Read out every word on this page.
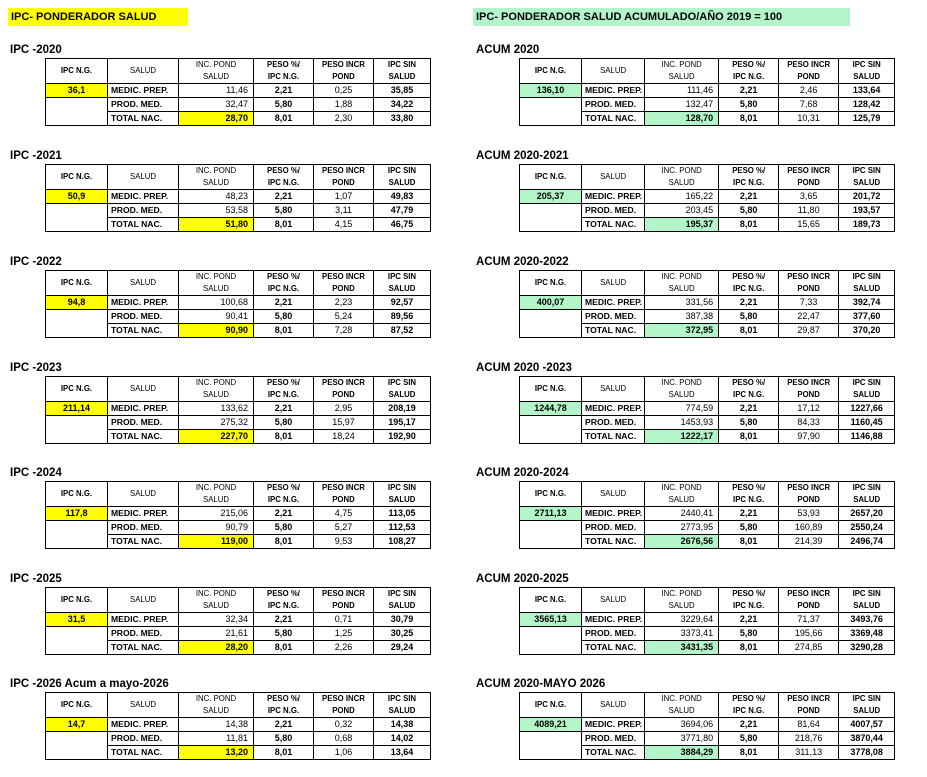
IPC- PONDERADOR SALUD	IPC- PONDERADOR SALUD ACUMULADO/AÑO 2019 = 100
IPC -2020
IPC N.G.	SALUD	INC. POND	PESO %/	PESO INCR	IPC SIN
		SALUD	IPC N.G.	POND	SALUD
36,1	MEDIC. PREP.	11,46	2,21	0,25	35,85
	PROD. MED.	32,47	5,80	1,88	34,22
	TOTAL NAC.	28,70	8,01	2,30	33,80
IPC -2021
IPC N.G.	SALUD	INC. POND	PESO %/	PESO INCR	IPC SIN
		SALUD	IPC N.G.	POND	SALUD
50,9	MEDIC. PREP.	48,23	2,21	1,07	49,83
	PROD. MED.	53,58	5,80	3,11	47,79
	TOTAL NAC.	51,80	8,01	4,15	46,75
IPC -2022
IPC N.G.	SALUD	INC. POND	PESO %/	PESO INCR	IPC SIN
		SALUD	IPC N.G.	POND	SALUD
94,8	MEDIC. PREP.	100,68	2,21	2,23	92,57
	PROD. MED.	90,41	5,80	5,24	89,56
	TOTAL NAC.	90,90	8,01	7,28	87,52
IPC -2023
IPC N.G.	SALUD	INC. POND	PESO %/	PESO INCR	IPC SIN
		SALUD	IPC N.G.	POND	SALUD
211,14	MEDIC. PREP.	133,62	2,21	2,95	208,19
	PROD. MED.	275,32	5,80	15,97	195,17
	TOTAL NAC.	227,70	8,01	18,24	192,90
IPC -2024
IPC N.G.	SALUD	INC. POND	PESO %/	PESO INCR	IPC SIN
		SALUD	IPC N.G.	POND	SALUD
117,8	MEDIC. PREP.	215,06	2,21	4,75	113,05
	PROD. MED.	90,79	5,80	5,27	112,53
	TOTAL NAC.	119,00	8,01	9,53	108,27
IPC -2025
IPC N.G.	SALUD	INC. POND	PESO %/	PESO INCR	IPC SIN
		SALUD	IPC N.G.	POND	SALUD
31,5	MEDIC. PREP.	32,34	2,21	0,71	30,79
	PROD. MED.	21,61	5,80	1,25	30,25
	TOTAL NAC.	28,20	8,01	2,26	29,24
IPC -2026 Acum a mayo-2026
IPC N.G.	SALUD	INC. POND	PESO %/	PESO INCR	IPC SIN
		SALUD	IPC N.G.	POND	SALUD
14,7	MEDIC. PREP.	14,38	2,21	0,32	14,38
	PROD. MED.	11,81	5,80	0,68	14,02
	TOTAL NAC.	13,20	8,01	1,06	13,64
ACUM 2020
IPC N.G.	SALUD	INC. POND	PESO %/	PESO INCR	IPC SIN
		SALUD	IPC N.G.	POND	SALUD
136,10	MEDIC. PREP.	111,46	2,21	2,46	133,64
	PROD. MED.	132,47	5,80	7,68	128,42
	TOTAL NAC.	128,70	8,01	10,31	125,79
ACUM 2020-2021
IPC N.G.	SALUD	INC. POND	PESO %/	PESO INCR	IPC SIN
		SALUD	IPC N.G.	POND	SALUD
205,37	MEDIC. PREP.	165,22	2,21	3,65	201,72
	PROD. MED.	203,45	5,80	11,80	193,57
	TOTAL NAC.	195,37	8,01	15,65	189,73
ACUM 2020-2022
IPC N.G.	SALUD	INC. POND	PESO %/	PESO INCR	IPC SIN
		SALUD	IPC N.G.	POND	SALUD
400,07	MEDIC. PREP.	331,56	2,21	7,33	392,74
	PROD. MED.	387,38	5,80	22,47	377,60
	TOTAL NAC.	372,95	8,01	29,87	370,20
ACUM 2020 -2023
IPC N.G.	SALUD	INC. POND	PESO %/	PESO INCR	IPC SIN
		SALUD	IPC N.G.	POND	SALUD
1244,78	MEDIC. PREP.	774,59	2,21	17,12	1227,66
	PROD. MED.	1453,93	5,80	84,33	1160,45
	TOTAL NAC.	1222,17	8,01	97,90	1146,88
ACUM 2020-2024
IPC N.G.	SALUD	INC. POND	PESO %/	PESO INCR	IPC SIN
		SALUD	IPC N.G.	POND	SALUD
2711,13	MEDIC. PREP.	2440,41	2,21	53,93	2657,20
	PROD. MED.	2773,95	5,80	160,89	2550,24
	TOTAL NAC.	2676,56	8,01	214,39	2496,74
ACUM 2020-2025
IPC N.G.	SALUD	INC. POND	PESO %/	PESO INCR	IPC SIN
		SALUD	IPC N.G.	POND	SALUD
3565,13	MEDIC. PREP.	3229,64	2,21	71,37	3493,76
	PROD. MED.	3373,41	5,80	195,66	3369,48
	TOTAL NAC.	3431,35	8,01	274,85	3290,28
ACUM 2020-MAYO 2026
IPC N.G.	SALUD	INC. POND	PESO %/	PESO INCR	IPC SIN
		SALUD	IPC N.G.	POND	SALUD
4089,21	MEDIC. PREP.	3694,06	2,21	81,64	4007,57
	PROD. MED.	3771,80	5,80	218,76	3870,44
	TOTAL NAC.	3884,29	8,01	311,13	3778,08
